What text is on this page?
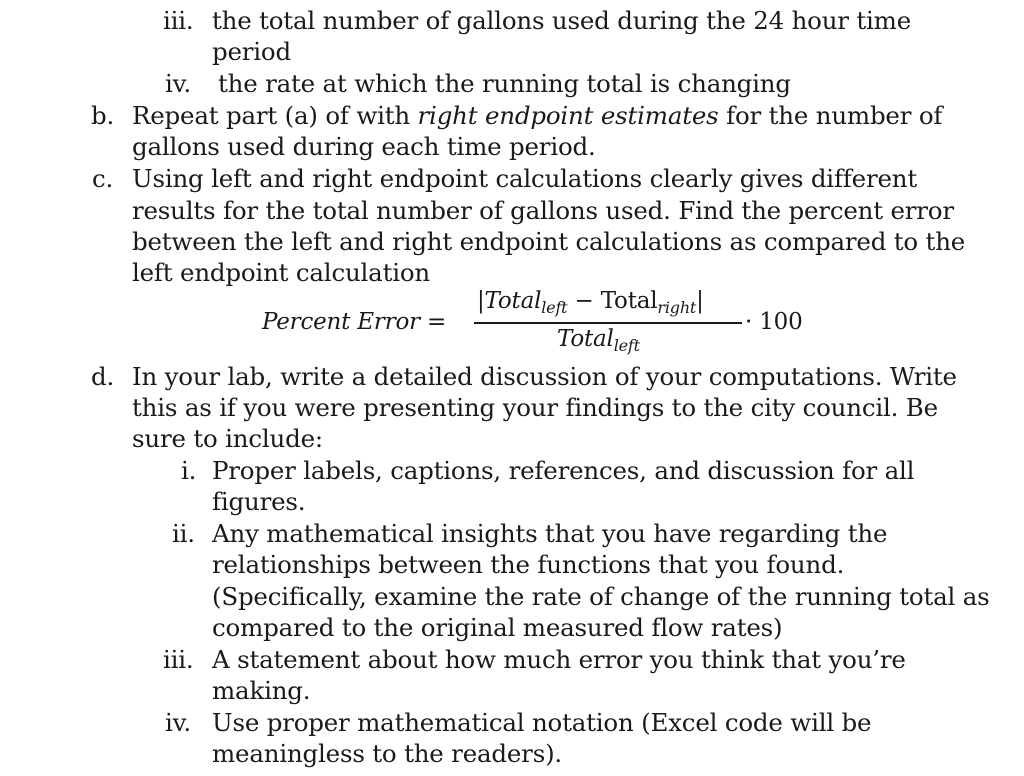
iii. the total number of gallons used during the 24 hour time
period
iv. the rate at which the running total is changing
b. Repeat part (a) of with right endpoint estimates for the number of
gallons used during each time period.
c. Using left and right endpoint calculations clearly gives different
results for the total number of gallons used. Find the percent error
between the left and right endpoint calculations as compared to the
left endpoint calculation
Percent Error =
|Total$_{left}$ − Total$_{right}$|
Total$_{left}$
· 100
d. In your lab, write a detailed discussion of your computations. Write
this as if you were presenting your findings to the city council. Be
sure to include:
i. Proper labels, captions, references, and discussion for all
figures.
ii. Any mathematical insights that you have regarding the
relationships between the functions that you found.
(Specifically, examine the rate of change of the running total as
compared to the original measured flow rates)
iii. A statement about how much error you think that you’re
making.
iv. Use proper mathematical notation (Excel code will be
meaningless to the readers).
